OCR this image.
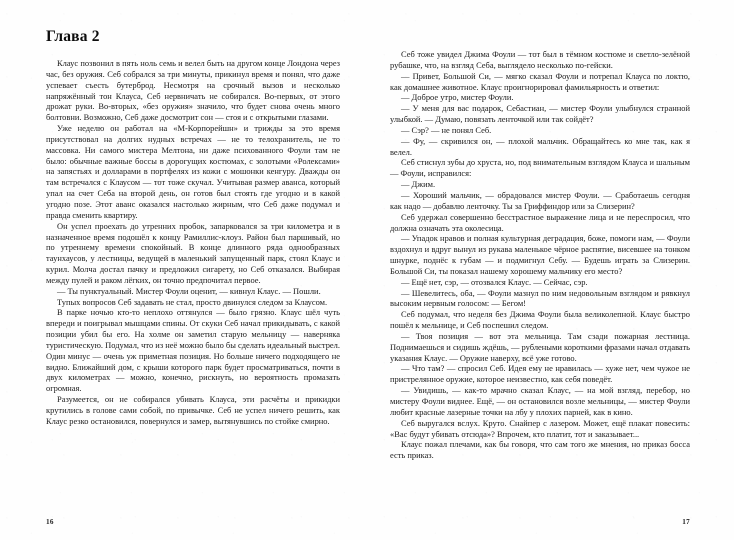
Глава 2

Клаус позвонил в пять ноль семь и велел быть на другом конце Лондона через час, без оружия. Себ собрался за три минуты, прикинул время и понял, что даже успевает съесть бутерброд. Несмотря на срочный вызов и несколько напряжённый тон Клауса, Себ нервничать не собирался. Во-первых, от этого дрожат руки. Во-вторых, «без оружия» значило, что будет снова очень много болтовни. Возможно, Себ даже досмотрит сон — стоя и с открытыми глазами.

Уже неделю он работал на «М-Корпорейшн» и трижды за это время присутствовал на долгих нудных встречах — не то телохранитель, не то массовка. Ни самого мистера Мелтона, ни даже психованного Фоули там не было: обычные важные боссы в дорогущих костюмах, с золотыми «Ролексами» на запястьях и долларами в портфелях из кожи с мошонки кенгуру. Дважды он там встречался с Клаусом — тот тоже скучал. Учитывая размер аванса, который упал на счет Себа на второй день, он готов был стоять где угодно и в какой угодно позе. Этот аванс оказался настолько жирным, что Себ даже подумал и правда сменить квартиру.

Он успел проехать до утренних пробок, запарковался за три километра и в назначенное время подошёл к концу Рамиллис-клоуз. Район был паршивый, но по утреннему времени спокойный. В конце длинного ряда однообразных таунхаусов, у лестницы, ведущей в маленький запущенный парк, стоял Клаус и курил. Молча достал пачку и предложил сигарету, но Себ отказался. Выбирая между пулей и раком лёгких, он точно предпочитал первое.

— Ты пунктуальный. Мистер Фоули оценит, — кивнул Клаус. — Пошли.

Тупых вопросов Себ задавать не стал, просто двинулся следом за Клаусом.

В парке ночью кто-то неплохо оттянулся — было грязно. Клаус шёл чуть впереди и поигрывал мышцами спины. От скуки Себ начал прикидывать, с какой позиции убил бы его. На холме он заметил старую мельницу — наверняка туристическую. Подумал, что из неё можно было бы сделать идеальный выстрел. Один минус — очень уж приметная позиция. Но больше ничего подходящего не видно. Ближайший дом, с крыши которого парк будет просматриваться, почти в двух километрах — можно, конечно, рискнуть, но вероятность промазать огромная.

Разумеется, он не собирался убивать Клауса, эти расчёты и прикидки крутились в голове сами собой, по привычке. Себ не успел ничего решить, как Клаус резко остановился, повернулся и замер, вытянувшись по стойке смирно.

16

Себ тоже увидел Джима Фоули — тот был в тёмном костюме и светло-зелёной рубашке, что, на взгляд Себа, выглядело несколько по-гейски.

— Привет, Большой Си, — мягко сказал Фоули и потрепал Клауса по локтю, как домашнее животное. Клаус проигнорировал фамильярность и ответил:

— Доброе утро, мистер Фоули.

— У меня для вас подарок, Себастиан, — мистер Фоули улыбнулся странной улыбкой. — Думаю, повязать ленточкой или так сойдёт?

— Сэр? — не понял Себ.

— Фу, — скривился он, — плохой мальчик. Обращайтесь ко мне так, как я велел.

Себ стиснул зубы до хруста, но, под внимательным взглядом Клауса и шальным — Фоули, исправился:

— Джим.

— Хороший мальчик, — обрадовался мистер Фоули. — Сработаешь сегодня как надо — добавлю ленточку. Ты за Гриффиндор или за Слизерин?

Себ удержал совершенно бесстрастное выражение лица и не переспросил, что должна означать эта околесица.

— Упадок нравов и полная культурная деградация, боже, помоги нам, — Фоули вздохнул и вдруг вынул из рукава маленькое чёрное распятие, висевшее на тонком шнурке, поднёс к губам — и подмигнул Себу. — Будешь играть за Слизерин. Большой Си, ты показал нашему хорошему мальчику его место?

— Ещё нет, сэр, — отозвался Клаус. — Сейчас, сэр.

— Шевелитесь, оба, — Фоули мазнул по ним недовольным взглядом и рявкнул высоким нервным голосом: — Бегом!

Себ подумал, что неделя без Джима Фоули была великолепной. Клаус быстро пошёл к мельнице, и Себ поспешил следом.

— Твоя позиция — вот эта мельница. Там сзади пожарная лестница. Поднимаешься и сидишь ждёшь, — рублеными короткими фразами начал отдавать указания Клаус. — Оружие наверху, всё уже готово.

— Что там? — спросил Себ. Идея ему не нравилась — хуже нет, чем чужое не пристрелянное оружие, которое неизвестно, как себя поведёт.

— Увидишь, — как-то мрачно сказал Клаус, — на мой взгляд, перебор, но мистеру Фоули виднее. Ещё, — он остановился возле мельницы, — мистер Фоули любит красные лазерные точки на лбу у плохих парней, как в кино.

Себ выругался вслух. Круто. Снайпер с лазером. Может, ещё плакат повесить: «Вас будут убивать отсюда»? Впрочем, кто платит, тот и заказывает...

Клаус пожал плечами, как бы говоря, что сам того же мнения, но приказ босса есть приказ.

17
